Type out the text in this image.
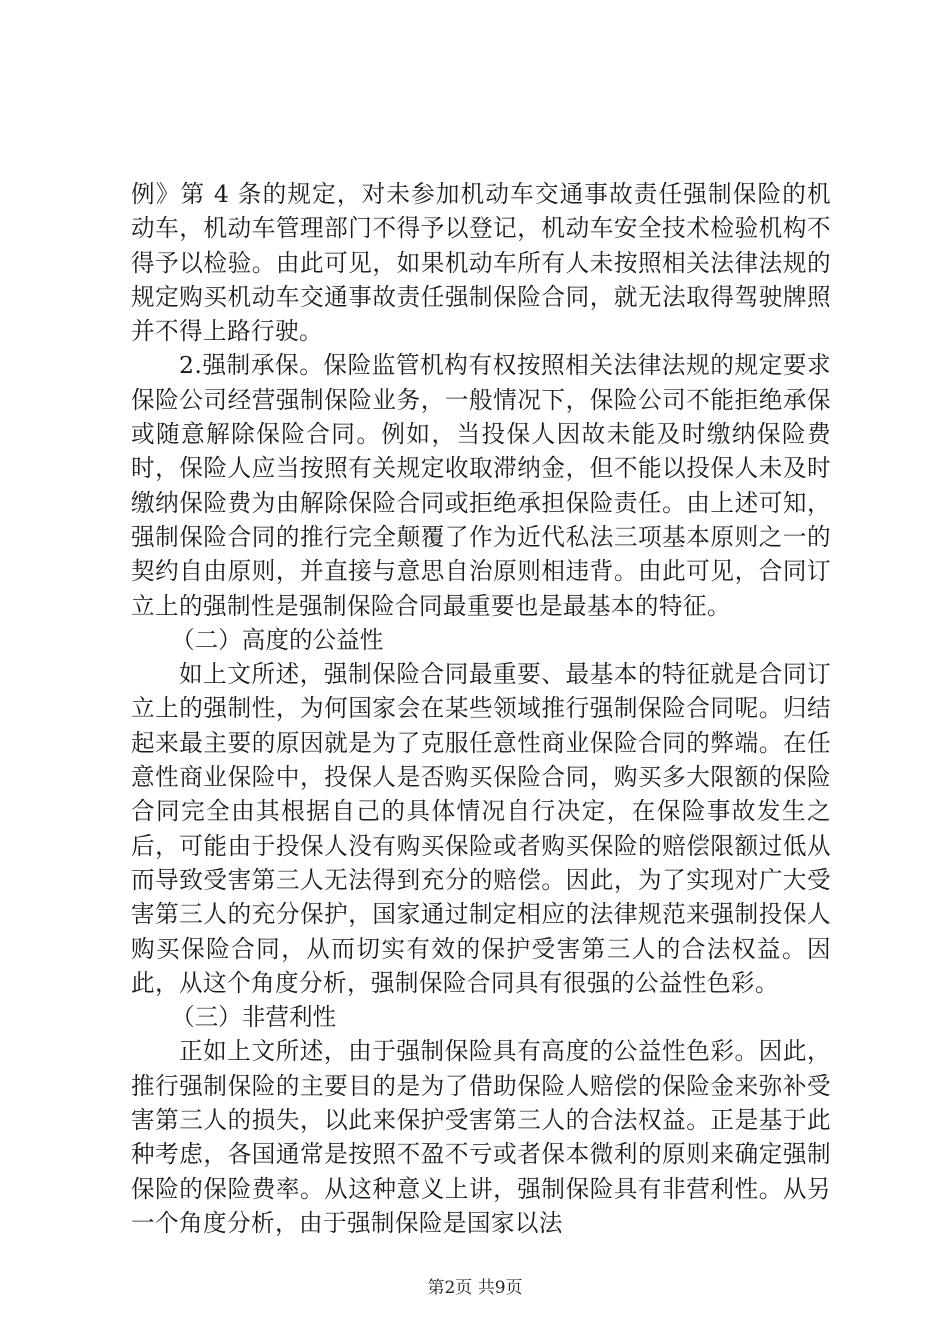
例》第 4 条的规定，对未参加机动车交通事故责任强制保险的机动车，机动车管理部门不得予以登记，机动车安全技术检验机构不得予以检验。由此可见，如果机动车所有人未按照相关法律法规的规定购买机动车交通事故责任强制保险合同，就无法取得驾驶牌照并不得上路行驶。

2.强制承保。保险监管机构有权按照相关法律法规的规定要求保险公司经营强制保险业务，一般情况下，保险公司不能拒绝承保或随意解除保险合同。例如，当投保人因故未能及时缴纳保险费时，保险人应当按照有关规定收取滞纳金，但不能以投保人未及时缴纳保险费为由解除保险合同或拒绝承担保险责任。由上述可知，强制保险合同的推行完全颠覆了作为近代私法三项基本原则之一的契约自由原则，并直接与意思自治原则相违背。由此可见，合同订立上的强制性是强制保险合同最重要也是最基本的特征。

（二）高度的公益性

如上文所述，强制保险合同最重要、最基本的特征就是合同订立上的强制性，为何国家会在某些领域推行强制保险合同呢。归结起来最主要的原因就是为了克服任意性商业保险合同的弊端。在任意性商业保险中，投保人是否购买保险合同，购买多大限额的保险合同完全由其根据自己的具体情况自行决定，在保险事故发生之后，可能由于投保人没有购买保险或者购买保险的赔偿限额过低从而导致受害第三人无法得到充分的赔偿。因此，为了实现对广大受害第三人的充分保护，国家通过制定相应的法律规范来强制投保人购买保险合同，从而切实有效的保护受害第三人的合法权益。因此，从这个角度分析，强制保险合同具有很强的公益性色彩。

（三）非营利性

正如上文所述，由于强制保险具有高度的公益性色彩。因此，推行强制保险的主要目的是为了借助保险人赔偿的保险金来弥补受害第三人的损失，以此来保护受害第三人的合法权益。正是基于此种考虑，各国通常是按照不盈不亏或者保本微利的原则来确定强制保险的保险费率。从这种意义上讲，强制保险具有非营利性。从另一个角度分析，由于强制保险是国家以法

第2页 共9页
